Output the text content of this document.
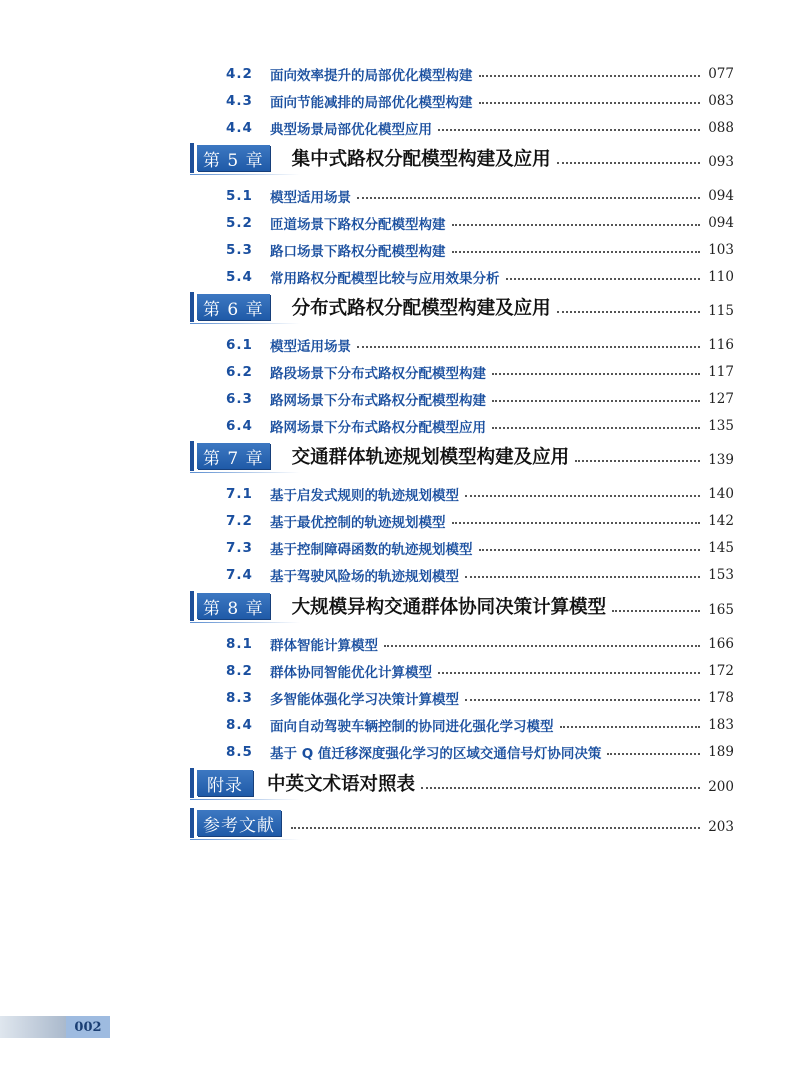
4.2	面向效率提升的局部优化模型构建	077
4.3	面向节能减排的局部优化模型构建	083
4.4	典型场景局部优化模型应用	088
第 5 章	集中式路权分配模型构建及应用	093
5.1	模型适用场景	094
5.2	匝道场景下路权分配模型构建	094
5.3	路口场景下路权分配模型构建	103
5.4	常用路权分配模型比较与应用效果分析	110
第 6 章	分布式路权分配模型构建及应用	115
6.1	模型适用场景	116
6.2	路段场景下分布式路权分配模型构建	117
6.3	路网场景下分布式路权分配模型构建	127
6.4	路网场景下分布式路权分配模型应用	135
第 7 章	交通群体轨迹规划模型构建及应用	139
7.1	基于启发式规则的轨迹规划模型	140
7.2	基于最优控制的轨迹规划模型	142
7.3	基于控制障碍函数的轨迹规划模型	145
7.4	基于驾驶风险场的轨迹规划模型	153
第 8 章	大规模异构交通群体协同决策计算模型	165
8.1	群体智能计算模型	166
8.2	群体协同智能优化计算模型	172
8.3	多智能体强化学习决策计算模型	178
8.4	面向自动驾驶车辆控制的协同进化强化学习模型	183
8.5	基于 Q 值迁移深度强化学习的区域交通信号灯协同决策	189
附录	中英文术语对照表	200
参考文献	203
002
